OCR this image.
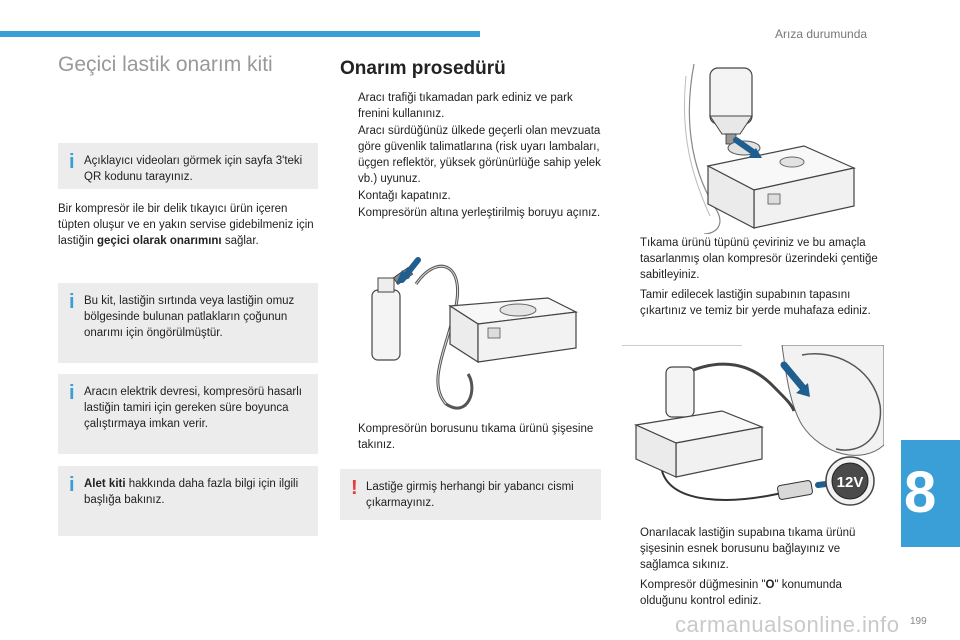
Arıza durumunda
Geçici lastik onarım kiti
i Açıklayıcı videoları görmek için sayfa 3'teki QR kodunu tarayınız.
Bir kompresör ile bir delik tıkayıcı ürün içeren tüpten oluşur ve en yakın servise gidebilmeniz için lastiğin geçici olarak onarımını sağlar.
i Bu kit, lastiğin sırtında veya lastiğin omuz bölgesinde bulunan patlakların çoğunun onarımı için öngörülmüştür.
i Aracın elektrik devresi, kompresörü hasarlı lastiğin tamiri için gereken süre boyunca çalıştırmaya imkan verir.
i Alet kiti hakkında daha fazla bilgi için ilgili başlığa bakınız.
Onarım prosedürü
Aracı trafiği tıkamadan park ediniz ve park frenini kullanınız.
Aracı sürdüğünüz ülkede geçerli olan mevzuata göre güvenlik talimatlarına (risk uyarı lambaları, üçgen reflektör, yüksek görünürlüğe sahip yelek vb.) uyunuz.
Kontağı kapatınız.
Kompresörün altına yerleştirilmiş boruyu açınız.
Kompresörün borusunu tıkama ürünü şişesine takınız.
! Lastiğe girmiş herhangi bir yabancı cismi çıkarmayınız.
Tıkama ürünü tüpünü çeviriniz ve bu amaçla tasarlanmış olan kompresör üzerindeki çentiğe sabitleyiniz.
Tamir edilecek lastiğin supabının tapasını çıkartınız ve temiz bir yerde muhafaza ediniz.
12V
Onarılacak lastiğin supabına tıkama ürünü şişesinin esnek borusunu bağlayınız ve sağlamca sıkınız.
Kompresör düğmesinin "O" konumunda olduğunu kontrol ediniz.
8
carmanualsonline.info 199
